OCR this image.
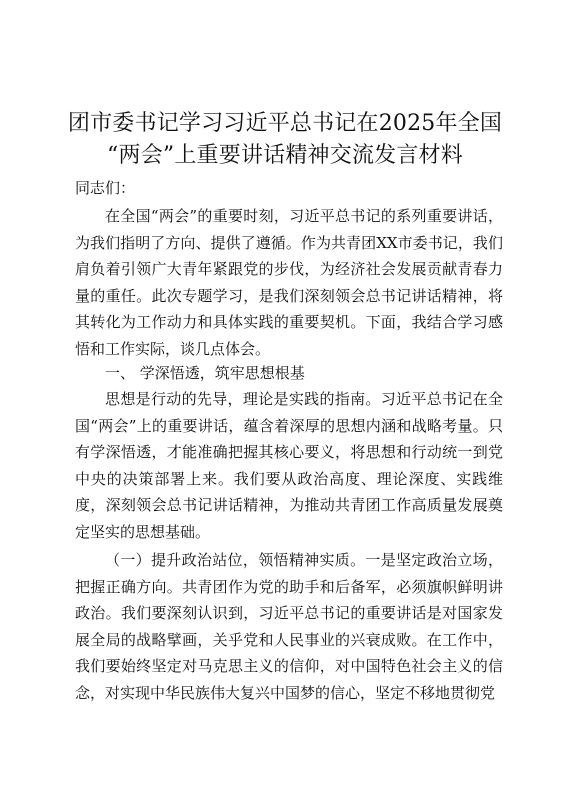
团市委书记学习习近平总书记在2025年全国
“两会”上重要讲话精神交流发言材料
同志们：
在全国“两会”的重要时刻，习近平总书记的系列重要讲话，为我们指明了方向、提供了遵循。作为共青团XX市委书记，我们肩负着引领广大青年紧跟党的步伐，为经济社会发展贡献青春力量的重任。此次专题学习，是我们深刻领会总书记讲话精神，将其转化为工作动力和具体实践的重要契机。下面，我结合学习感悟和工作实际，谈几点体会。
一、 学深悟透，筑牢思想根基
思想是行动的先导，理论是实践的指南。习近平总书记在全国“两会”上的重要讲话，蕴含着深厚的思想内涵和战略考量。只有学深悟透，才能准确把握其核心要义，将思想和行动统一到党中央的决策部署上来。我们要从政治高度、理论深度、实践维度，深刻领会总书记讲话精神，为推动共青团工作高质量发展奠定坚实的思想基础。
（一）提升政治站位，领悟精神实质。一是坚定政治立场，把握正确方向。共青团作为党的助手和后备军，必须旗帜鲜明讲政治。我们要深刻认识到，习近平总书记的重要讲话是对国家发展全局的战略擘画，关乎党和人民事业的兴衰成败。在工作中，我们要始终坚定对马克思主义的信仰，对中国特色社会主义的信念，对实现中华民族伟大复兴中国梦的信心，坚定不移地贯彻党
